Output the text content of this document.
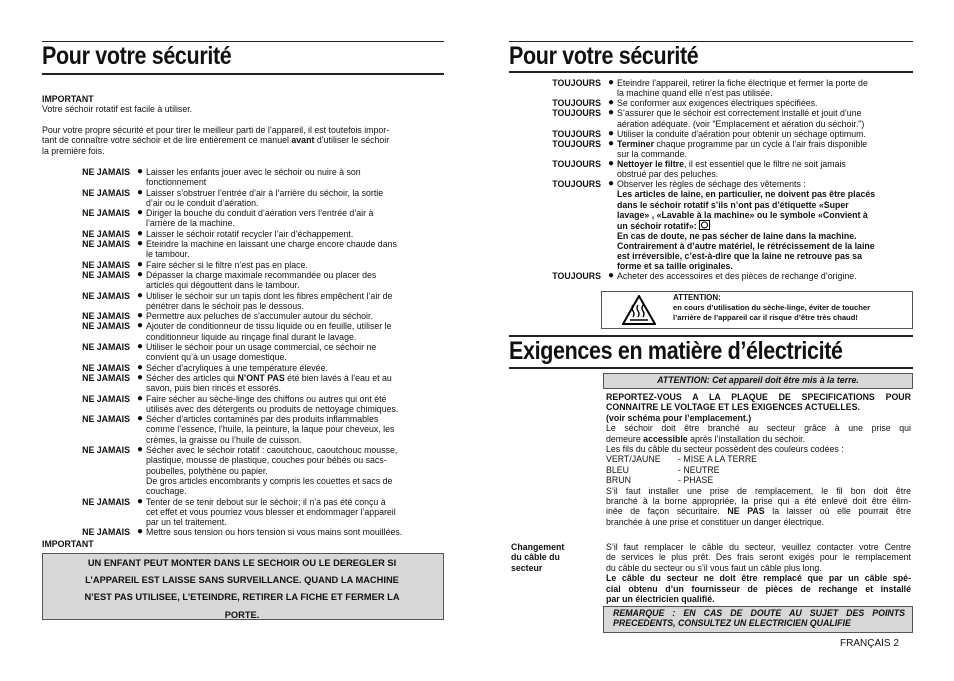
Pour votre sécurité
IMPORTANT
Votre séchoir rotatif est facile à utiliser.
Pour votre propre sécurité et pour tirer le meilleur parti de l’appareil, il est toutefois impor-
tant de connaître votre séchoir et de lire entièrement ce manuel avant d’utiliser le séchoir
la première fois.
NE JAMAIS ● Laisser les enfants jouer avec le séchoir ou nuire à son
fonctionnement
NE JAMAIS ● Laisser s’obstruer l’entrée d’air à l’arrière du séchoir, la sortie
d’air ou le conduit d’aération.
NE JAMAIS ● Diriger la bouche du conduit d’aération vers l’entrée d’air à
l’arrière de la machine.
NE JAMAIS ● Laisser le séchoir rotatif recycler l’air d’échappement.
NE JAMAIS ● Eteindre la machine en laissant une charge encore chaude dans
le tambour.
NE JAMAIS ● Faire sécher si le filtre n’est pas en place.
NE JAMAIS ● Dépasser la charge maximale recommandée ou placer des
articles qui dégouttent dans le tambour.
NE JAMAIS ● Utiliser le séchoir sur un tapis dont les fibres empêchent l’air de
pénétrer dans le séchoir pas le dessous.
NE JAMAIS ● Permettre aux peluches de s’accumuler autour du séchoir.
NE JAMAIS ● Ajouter de conditionneur de tissu liquide ou en feuille, utiliser le
conditionneur liquide au rinçage final durant le lavage.
NE JAMAIS ● Utiliser le séchoir pour un usage commercial, ce séchoir ne
convient qu’à un usage domestique.
NE JAMAIS ● Sécher d’acryliques à une température élevée.
NE JAMAIS ● Sécher des articles qui N’ONT PAS été bien lavés à l’eau et au
savon, puis bien rincés et essorés.
NE JAMAIS ● Faire sécher au sèche-linge des chiffons ou autres qui ont été
utilisés avec des détergents ou produits de nettoyage chimiques.
NE JAMAIS ● Sécher d’articles contaminés par des produits inflammables
comme l’essence, l’huile, la peinture, la laque pour cheveux, les
crèmes, la graisse ou l’huile de cuisson.
NE JAMAIS ● Sécher avec le séchoir rotatif : caoutchouc, caoutchouc mousse,
plastique, mousse de plastique, couches pour bébés ou sacs-
poubelles, polythène ou papier.
De gros articles encombrants y compris les couettes et sacs de
couchage.
NE JAMAIS ● Tenter de se tenir debout sur le séchoir; il n’a pas été conçu à
cet effet et vous pourriez vous blesser et endommager l’appareil
par un tel traitement.
NE JAMAIS ● Mettre sous tension ou hors tension si vous mains sont mouillées.
IMPORTANT
UN ENFANT PEUT MONTER DANS LE SECHOIR OU LE DEREGLER SI
L’APPAREIL EST LAISSE SANS SURVEILLANCE. QUAND LA MACHINE
N’EST PAS UTILISEE, L’ETEINDRE, RETIRER LA FICHE ET FERMER LA
PORTE.
Pour votre sécurité
TOUJOURS ● Eteindre l’appareil, retirer la fiche électrique et fermer la porte de
la machine quand elle n’est pas utilisée.
TOUJOURS ● Se conformer aux exigences électriques spécifiées.
TOUJOURS ● S’assurer que le séchoir est correctement installé et jouit d’une
aération adéquate. (voir "Emplacement et aération du séchoir.")
TOUJOURS ● Utiliser la conduite d’aération pour obtenir un séchage optimum.
TOUJOURS ● Terminer chaque programme par un cycle à l’air frais disponible
sur la commande.
TOUJOURS ● Nettoyer le filtre, il est essentiel que le filtre ne soit jamais
obstrué par des peluches.
TOUJOURS ● Observer les règles de séchage des vêtements :
Les articles de laine, en particulier, ne doivent pas être placés
dans le séchoir rotatif s’ils n’ont pas d’étiquette «Super
lavage» , «Lavable à la machine» ou le symbole «Convient à
un séchoir rotatif»:
En cas de doute, ne pas sécher de laine dans la machine.
Contrairement à d’autre matériel, le rétrécissement de la laine
est irréversible, c’est-à-dire que la laine ne retrouve pas sa
forme et sa taille originales.
TOUJOURS ● Acheter des accessoires et des pièces de rechange d’origine.
ATTENTION:
en cours d’utilisation du sèche-linge, éviter de toucher
l’arrière de l’appareil car il risque d’être très chaud!
Exigences en matière d’électricité
ATTENTION: Cet appareil doit être mis à la terre.
REPORTEZ-VOUS A LA PLAQUE DE SPECIFICATIONS POUR
CONNAITRE LE VOLTAGE ET LES EXIGENCES ACTUELLES.
(voir schéma pour l’emplacement.)
Le séchoir doit être branché au secteur grâce à une prise qui
demeure accessible après l’installation du séchoir.
Les fils du câble du secteur possèdent des couleurs codées :
VERT/JAUNE - MISE A LA TERRE
BLEU	- NEUTRE
BRUN	- PHASE
S’il faut installer une prise de remplacement, le fil bon doit être
branché à la borne appropriée, la prise qui a été enlevé doit être élim-
inée de façon sécuritaire. NE PAS la laisser où elle pourrait être
branchée à une prise et constituer un danger électrique.
Changement
du câble du
secteur
S’il faut remplacer le câble du secteur, veuillez contacter votre Centre
de services le plus prêt. Des frais seront exigés pour le remplacement
du câble du secteur ou s’il vous faut un câble plus long.
Le câble du secteur ne doit être remplacé que par un câble spé-
cial obtenu d’un fournisseur de pièces de rechange et installé
par un électricien qualifié.
REMARQUE : EN CAS DE DOUTE AU SUJET DES POINTS
PRECEDENTS, CONSULTEZ UN ELECTRICIEN QUALIFIE
FRANÇAIS 2
